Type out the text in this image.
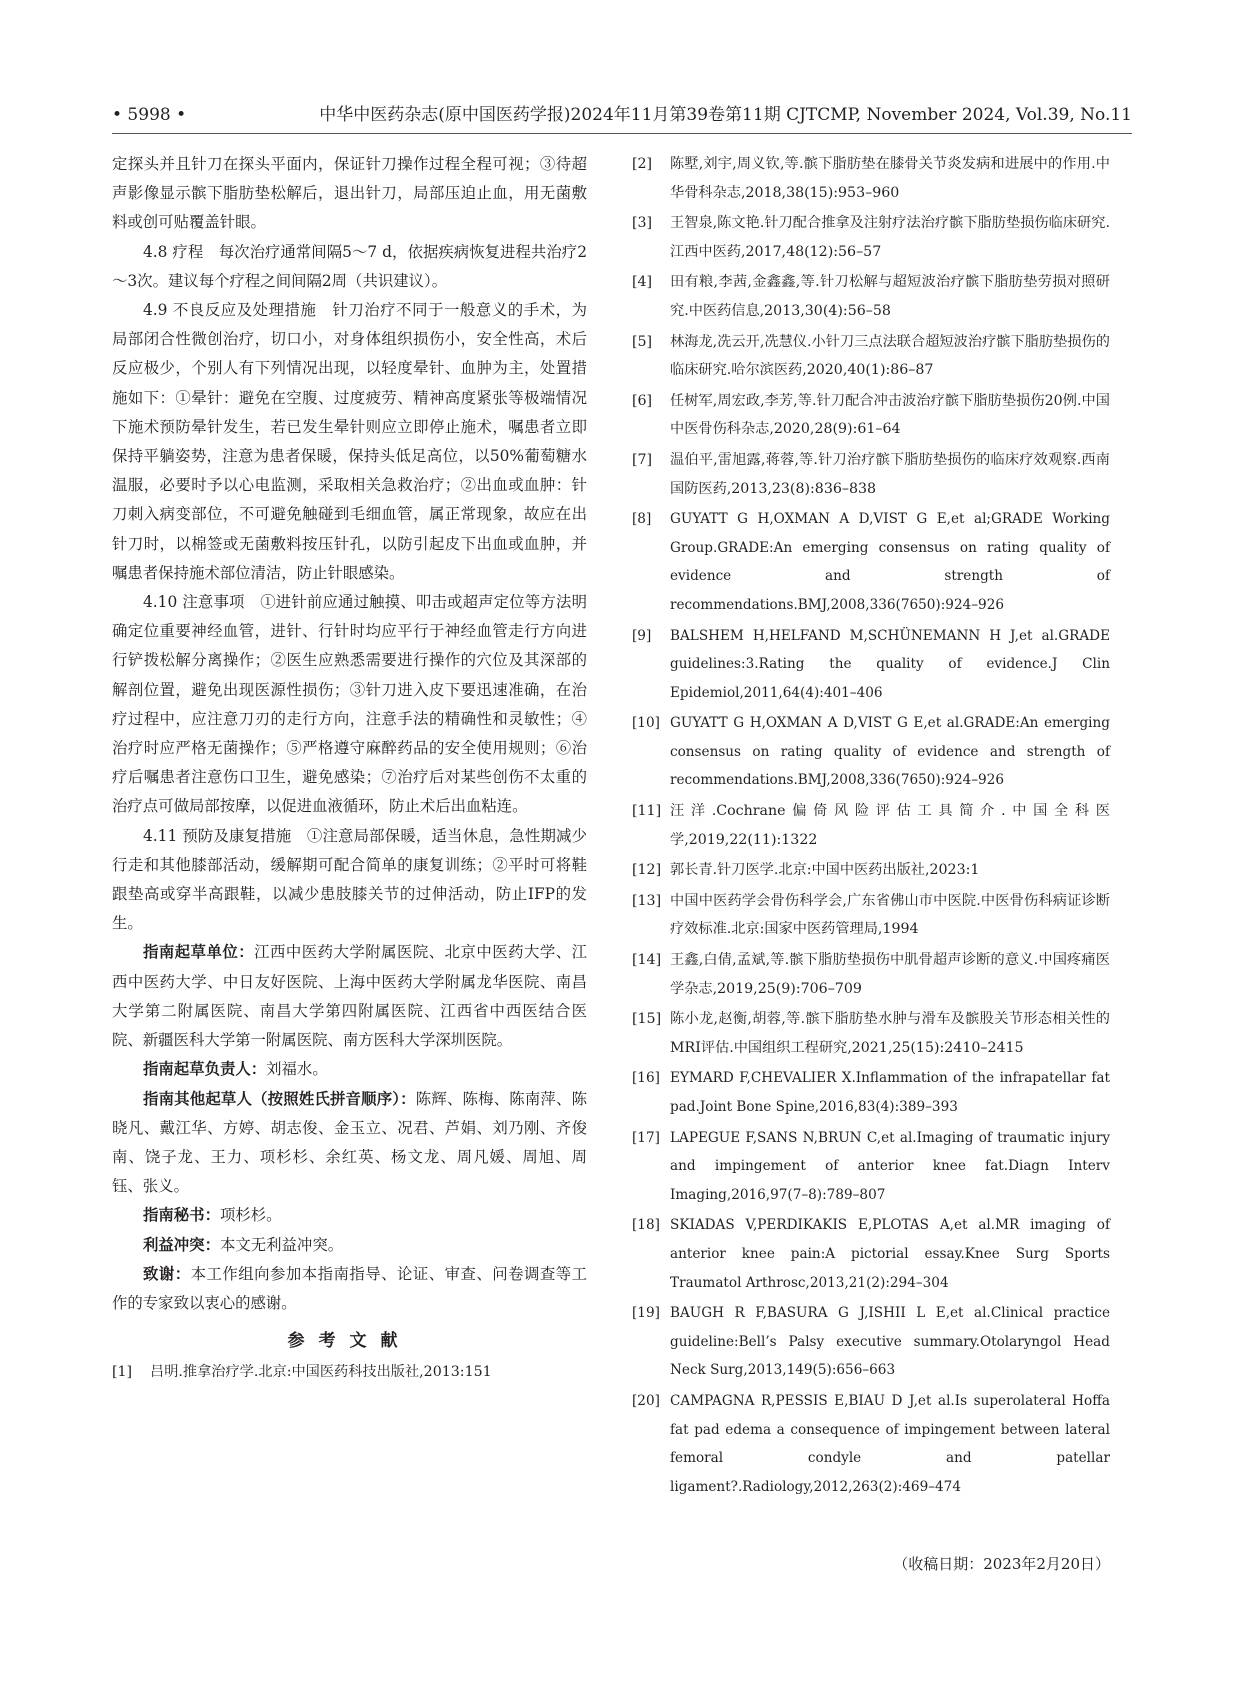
• 5998 •	中华中医药杂志(原中国医药学报)2024年11月第39卷第11期 CJTCMP, November 2024, Vol.39, No.11

定探头并且针刀在探头平面内，保证针刀操作过程全程可视；③待超声影像显示髌下脂肪垫松解后，退出针刀，局部压迫止血，用无菌敷料或创可贴覆盖针眼。

4.8 疗程  每次治疗通常间隔5～7 d，依据疾病恢复进程共治疗2～3次。建议每个疗程之间间隔2周（共识建议）。

4.9 不良反应及处理措施  针刀治疗不同于一般意义的手术，为局部闭合性微创治疗，切口小，对身体组织损伤小，安全性高，术后反应极少，个别人有下列情况出现，以轻度晕针、血肿为主，处置措施如下：①晕针：避免在空腹、过度疲劳、精神高度紧张等极端情况下施术预防晕针发生，若已发生晕针则应立即停止施术，嘱患者立即保持平躺姿势，注意为患者保暖，保持头低足高位，以50%葡萄糖水温服，必要时予以心电监测，采取相关急救治疗；②出血或血肿：针刀刺入病变部位，不可避免触碰到毛细血管，属正常现象，故应在出针刀时，以棉签或无菌敷料按压针孔，以防引起皮下出血或血肿，并嘱患者保持施术部位清洁，防止针眼感染。

4.10 注意事项  ①进针前应通过触摸、叩击或超声定位等方法明确定位重要神经血管，进针、行针时均应平行于神经血管走行方向进行铲拨松解分离操作；②医生应熟悉需要进行操作的穴位及其深部的解剖位置，避免出现医源性损伤；③针刀进入皮下要迅速准确，在治疗过程中，应注意刀刃的走行方向，注意手法的精确性和灵敏性；④治疗时应严格无菌操作；⑤严格遵守麻醉药品的安全使用规则；⑥治疗后嘱患者注意伤口卫生，避免感染；⑦治疗后对某些创伤不太重的治疗点可做局部按摩，以促进血液循环，防止术后出血粘连。

4.11 预防及康复措施  ①注意局部保暖，适当休息，急性期减少行走和其他膝部活动，缓解期可配合简单的康复训练；②平时可将鞋跟垫高或穿半高跟鞋，以减少患肢膝关节的过伸活动，防止IFP的发生。

指南起草单位：江西中医药大学附属医院、北京中医药大学、江西中医药大学、中日友好医院、上海中医药大学附属龙华医院、南昌大学第二附属医院、南昌大学第四附属医院、江西省中西医结合医院、新疆医科大学第一附属医院、南方医科大学深圳医院。

指南起草负责人：刘福水。

指南其他起草人（按照姓氏拼音顺序）：陈辉、陈梅、陈南萍、陈晓凡、戴江华、方婷、胡志俊、金玉立、况君、芦娟、刘乃刚、齐俊南、饶子龙、王力、项杉杉、余红英、杨文龙、周凡媛、周旭、周钰、张义。

指南秘书：项杉杉。

利益冲突：本文无利益冲突。

致谢：本工作组向参加本指南指导、论证、审查、问卷调查等工作的专家致以衷心的感谢。

参考文献
[1] 吕明.推拿治疗学.北京:中国医药科技出版社,2013:151
[2] 陈墅,刘宇,周义钦,等.髌下脂肪垫在膝骨关节炎发病和进展中的作用.中华骨科杂志,2018,38(15):953–960
[3] 王智泉,陈文艳.针刀配合推拿及注射疗法治疗髌下脂肪垫损伤临床研究.江西中医药,2017,48(12):56–57
[4] 田有粮,李茜,金鑫鑫,等.针刀松解与超短波治疗髌下脂肪垫劳损对照研究.中医药信息,2013,30(4):56–58
[5] 林海龙,冼云开,冼慧仪.小针刀三点法联合超短波治疗髌下脂肪垫损伤的临床研究.哈尔滨医药,2020,40(1):86–87
[6] 任树军,周宏政,李芳,等.针刀配合冲击波治疗髌下脂肪垫损伤20例.中国中医骨伤科杂志,2020,28(9):61–64
[7] 温伯平,雷旭露,蒋蓉,等.针刀治疗髌下脂肪垫损伤的临床疗效观察.西南国防医药,2013,23(8):836–838
[8] GUYATT G H,OXMAN A D,VIST G E,et al;GRADE Working Group.GRADE:An emerging consensus on rating quality of evidence and strength of recommendations.BMJ,2008,336(7650):924–926
[9] BALSHEM H,HELFAND M,SCHÜNEMANN H J,et al.GRADE guidelines:3.Rating the quality of evidence.J Clin Epidemiol,2011,64(4):401–406
[10] GUYATT G H,OXMAN A D,VIST G E,et al.GRADE:An emerging consensus on rating quality of evidence and strength of recommendations.BMJ,2008,336(7650):924–926
[11] 汪洋.Cochrane偏倚风险评估工具简介.中国全科医学,2019,22(11):1322
[12] 郭长青.针刀医学.北京:中国中医药出版社,2023:1
[13] 中国中医药学会骨伤科学会,广东省佛山市中医院.中医骨伤科病证诊断疗效标准.北京:国家中医药管理局,1994
[14] 王鑫,白倩,孟斌,等.髌下脂肪垫损伤中肌骨超声诊断的意义.中国疼痛医学杂志,2019,25(9):706–709
[15] 陈小龙,赵衡,胡蓉,等.髌下脂肪垫水肿与滑车及髌股关节形态相关性的MRI评估.中国组织工程研究,2021,25(15):2410–2415
[16] EYMARD F,CHEVALIER X.Inflammation of the infrapatellar fat pad.Joint Bone Spine,2016,83(4):389–393
[17] LAPEGUE F,SANS N,BRUN C,et al.Imaging of traumatic injury and impingement of anterior knee fat.Diagn Interv Imaging,2016,97(7–8):789–807
[18] SKIADAS V,PERDIKAKIS E,PLOTAS A,et al.MR imaging of anterior knee pain:A pictorial essay.Knee Surg Sports Traumatol Arthrosc,2013,21(2):294–304
[19] BAUGH R F,BASURA G J,ISHII L E,et al.Clinical practice guideline:Bell’s Palsy executive summary.Otolaryngol Head Neck Surg,2013,149(5):656–663
[20] CAMPAGNA R,PESSIS E,BIAU D J,et al.Is superolateral Hoffa fat pad edema a consequence of impingement between lateral femoral condyle and patellar ligament?.Radiology,2012,263(2):469–474
（收稿日期：2023年2月20日）
